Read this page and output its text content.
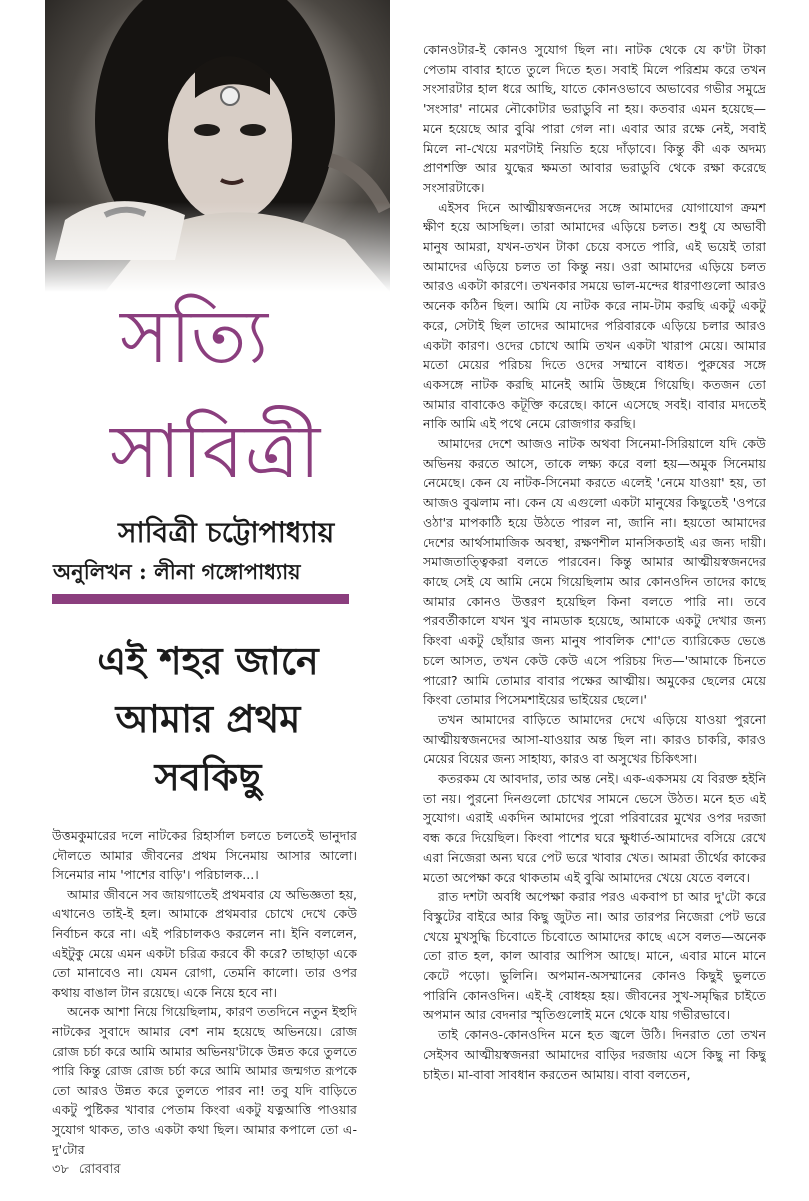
সত্যি
সাবিত্রী
সাবিত্রী চট্টোপাধ্যায়
অনুলিখন : লীনা গঙ্গোপাধ্যায়
এই শহর জানে
আমার প্রথম
সবকিছু

উত্তমকুমারের দলে নাটকের রিহার্সাল চলতে চলতেই ভানুদার দৌলতে আমার জীবনের প্রথম সিনেমায় আসার আলো। সিনেমার নাম 'পাশের বাড়ি'। পরিচালক...।

আমার জীবনে সব জায়গাতেই প্রথমবার যে অভিজ্ঞতা হয়, এখানেও তাই-ই হল। আমাকে প্রথমবার চোখে দেখে কেউ নির্বাচন করে না। এই পরিচালকও করলেন না। ইনি বললেন, এইটুকু মেয়ে এমন একটা চরিত্র করবে কী করে? তাছাড়া একে তো মানাবেও না। যেমন রোগা, তেমনি কালো। তার ওপর কথায় বাঙাল টান রয়েছে। একে নিয়ে হবে না।

অনেক আশা নিয়ে গিয়েছিলাম, কারণ ততদিনে নতুন ইহুদি নাটকের সুবাদে আমার বেশ নাম হয়েছে অভিনয়ে। রোজ রোজ চর্চা করে আমি আমার অভিনয়'টাকে উন্নত করে তুলতে পারি কিন্তু রোজ রোজ চর্চা করে আমি আমার জন্মগত রূপকে তো আরও উন্নত করে তুলতে পারব না! তবু যদি বাড়িতে একটু পুষ্টিকর খাবার পেতাম কিংবা একটু যত্নআত্তি পাওয়ার সুযোগ থাকত, তাও একটা কথা ছিল। আমার কপালে তো এ-দু'টোর

কোনওটার-ই কোনও সুযোগ ছিল না। নাটক থেকে যে ক'টা টাকা পেতাম বাবার হাতে তুলে দিতে হত। সবাই মিলে পরিশ্রম করে তখন সংসারটার হাল ধরে আছি, যাতে কোনওভাবে অভাবের গভীর সমুদ্রে 'সংসার' নামের নৌকোটার ভরাডুবি না হয়। কতবার এমন হয়েছে—মনে হয়েছে আর বুঝি পারা গেল না। এবার আর রক্ষে নেই, সবাই মিলে না-খেয়ে মরণটাই নিয়তি হয়ে দাঁড়াবে। কিন্তু কী এক অদম্য প্রাণশক্তি আর যুদ্ধের ক্ষমতা আবার ভরাডুবি থেকে রক্ষা করেছে সংসারটাকে।

এইসব দিনে আত্মীয়স্বজনদের সঙ্গে আমাদের যোগাযোগ ক্রমশ ক্ষীণ হয়ে আসছিল। তারা আমাদের এড়িয়ে চলত। শুধু যে অভাবী মানুষ আমরা, যখন-তখন টাকা চেয়ে বসতে পারি, এই ভয়েই তারা আমাদের এড়িয়ে চলত তা কিন্তু নয়। ওরা আমাদের এড়িয়ে চলত আরও একটা কারণে। তখনকার সময়ে ভাল-মন্দের ধারণাগুলো আরও অনেক কঠিন ছিল। আমি যে নাটক করে নাম-টাম করছি একটু একটু করে, সেটাই ছিল তাদের আমাদের পরিবারকে এড়িয়ে চলার আরও একটা কারণ। ওদের চোখে আমি তখন একটা খারাপ মেয়ে। আমার মতো মেয়ের পরিচয় দিতে ওদের সম্মানে বাধত। পুরুষের সঙ্গে একসঙ্গে নাটক করছি মানেই আমি উচ্ছন্নে গিয়েছি। কতজন তো আমার বাবাকেও কটূক্তি করেছে। কানে এসেছে সবই। বাবার মদতেই নাকি আমি এই পথে নেমে রোজগার করছি।

আমাদের দেশে আজও নাটক অথবা সিনেমা-সিরিয়ালে যদি কেউ অভিনয় করতে আসে, তাকে লক্ষ্য করে বলা হয়—অমুক সিনেমায় নেমেছে। কেন যে নাটক-সিনেমা করতে এলেই 'নেমে যাওয়া' হয়, তা আজও বুঝলাম না। কেন যে এগুলো একটা মানুষের কিছুতেই 'ওপরে ওঠা'র মাপকাঠি হয়ে উঠতে পারল না, জানি না। হয়তো আমাদের দেশের আর্থসামাজিক অবস্থা, রক্ষণশীল মানসিকতাই এর জন্য দায়ী। সমাজতাত্ত্বিকরা বলতে পারবেন। কিন্তু আমার আত্মীয়স্বজনদের কাছে সেই যে আমি নেমে গিয়েছিলাম আর কোনওদিন তাদের কাছে আমার কোনও উত্তরণ হয়েছিল কিনা বলতে পারি না। তবে পরবর্তীকালে যখন খুব নামডাক হয়েছে, আমাকে একটু দেখার জন্য কিংবা একটু ছোঁয়ার জন্য মানুষ পাবলিক শো'তে ব্যারিকেড ভেঙে চলে আসত, তখন কেউ কেউ এসে পরিচয় দিত—'আমাকে চিনতে পারো? আমি তোমার বাবার পক্ষের আত্মীয়। অমুকের ছেলের মেয়ে কিংবা তোমার পিসেমশাইয়ের ভাইয়ের ছেলে।'

তখন আমাদের বাড়িতে আমাদের দেখে এড়িয়ে যাওয়া পুরনো আত্মীয়স্বজনদের আসা-যাওয়ার অন্ত ছিল না। কারও চাকরি, কারও মেয়ের বিয়ের জন্য সাহায্য, কারও বা অসুখের চিকিৎসা।

কতরকম যে আবদার, তার অন্ত নেই। এক-একসময় যে বিরক্ত হইনি তা নয়। পুরনো দিনগুলো চোখের সামনে ভেসে উঠত। মনে হত এই সুযোগ। এরাই একদিন আমাদের পুরো পরিবারের মুখের ওপর দরজা বন্ধ করে দিয়েছিল। কিংবা পাশের ঘরে ক্ষুধার্ত-আমাদের বসিয়ে রেখে এরা নিজেরা অন্য ঘরে পেট ভরে খাবার খেত। আমরা তীর্থের কাকের মতো অপেক্ষা করে থাকতাম এই বুঝি আমাদের খেয়ে যেতে বলবে।

রাত দশটা অবধি অপেক্ষা করার পরও একবাপ চা আর দু'টো করে বিস্কুটের বাইরে আর কিছু জুটত না। আর তারপর নিজেরা পেট ভরে খেয়ে মুখসুদ্ধি চিবোতে চিবোতে আমাদের কাছে এসে বলত—অনেক তো রাত হল, কাল আবার আপিস আছে। মানে, এবার মানে মানে কেটে পড়ো। ভুলিনি। অপমান-অসম্মানের কোনও কিছুই ভুলতে পারিনি কোনওদিন। এই-ই বোধহয় হয়। জীবনের সুখ-সমৃদ্ধির চাইতে অপমান আর বেদনার স্মৃতিগুলোই মনে থেকে যায় গভীরভাবে।

তাই কোনও-কোনওদিন মনে হত জ্বলে উঠি। দিনরাত তো তখন সেইসব আত্মীয়স্বজনরা আমাদের বাড়ির দরজায় এসে কিছু না কিছু চাইত। মা-বাবা সাবধান করতেন আমায়। বাবা বলতেন,

৩৮ রোববার
